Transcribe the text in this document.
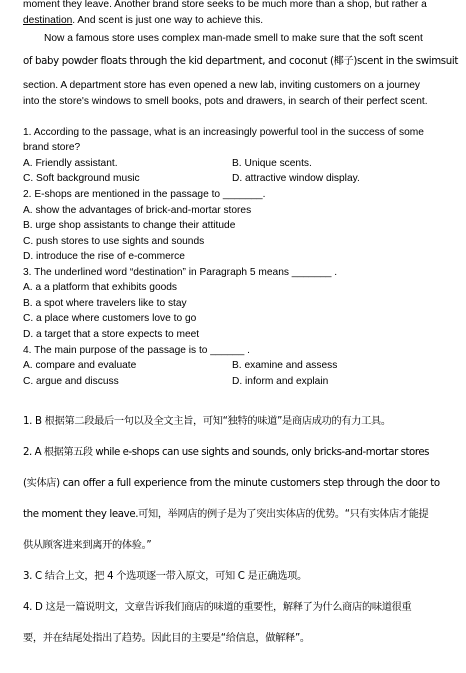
moment they leave. Another brand store seeks to be much more than a shop, but rather a
destination. And scent is just one way to achieve this.
Now a famous store uses complex man-made smell to make sure that the soft scent
of baby powder floats through the kid department, and coconut (椰子)scent in the swimsuit
section. A department store has even opened a new lab, inviting customers on a journey
into the store's windows to smell books, pots and drawers, in search of their perfect scent.
1. According to the passage, what is an increasingly powerful tool in the success of some
brand store?
A. Friendly assistant.	B. Unique scents.
C. Soft background music	D. attractive window display.
2. E-shops are mentioned in the passage to _______.
A. show the advantages of brick-and-mortar stores
B. urge shop assistants to change their attitude
C. push stores to use sights and sounds
D. introduce the rise of e-commerce
3. The underlined word “destination” in Paragraph 5 means _______ .
A. a a platform that exhibits goods
B. a spot where travelers like to stay
C. a place where customers love to go
D. a target that a store expects to meet
4. The main purpose of the passage is to ______ .
A. compare and evaluate	B. examine and assess
C. argue and discuss	D. inform and explain
1. B 根据第二段最后一句以及全文主旨，可知“独特的味道”是商店成功的有力工具。
2. A 根据第五段 while e-shops can use sights and sounds, only bricks-and-mortar stores
(实体店) can offer a full experience from the minute customers step through the door to
the moment they leave.可知，举网店的例子是为了突出实体店的优势。“只有实体店才能提
供从顾客进来到离开的体验。”
3. C 结合上文，把 4 个选项逐一带入原文，可知 C 是正确选项。
4. D 这是一篇说明文，文章告诉我们商店的味道的重要性，解释了为什么商店的味道很重
要，并在结尾处指出了趋势。因此目的主要是“给信息，做解释”。
